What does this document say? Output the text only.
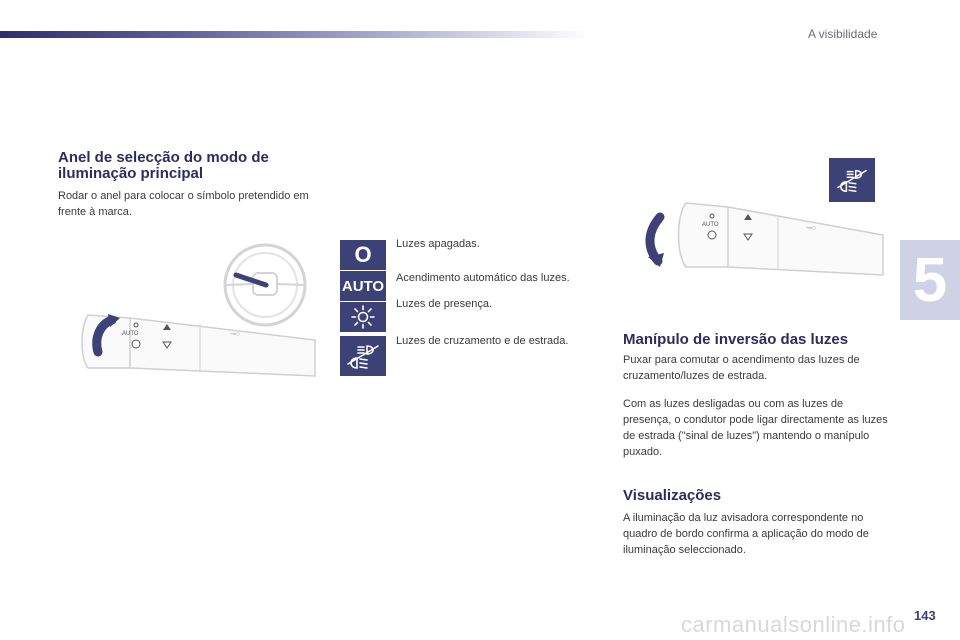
A visibilidade
Anel de selecção do modo de iluminação principal
Rodar o anel para colocar o símbolo pretendido em frente à marca.
AUTO	⊸○
O Luzes apagadas.
AUTO Acendimento automático das luzes.
Luzes de presença.
Luzes de cruzamento e de estrada.
AUTO	⊸○
Manípulo de inversão das luzes
Puxar para comutar o acendimento das luzes de cruzamento/luzes de estrada.
Com as luzes desligadas ou com as luzes de presença, o condutor pode ligar directamente as luzes de estrada ("sinal de luzes") mantendo o manípulo puxado.
Visualizações
A iluminação da luz avisadora correspondente no quadro de bordo confirma a aplicação do modo de iluminação seleccionado.
5
carmanualsonline.info 143
